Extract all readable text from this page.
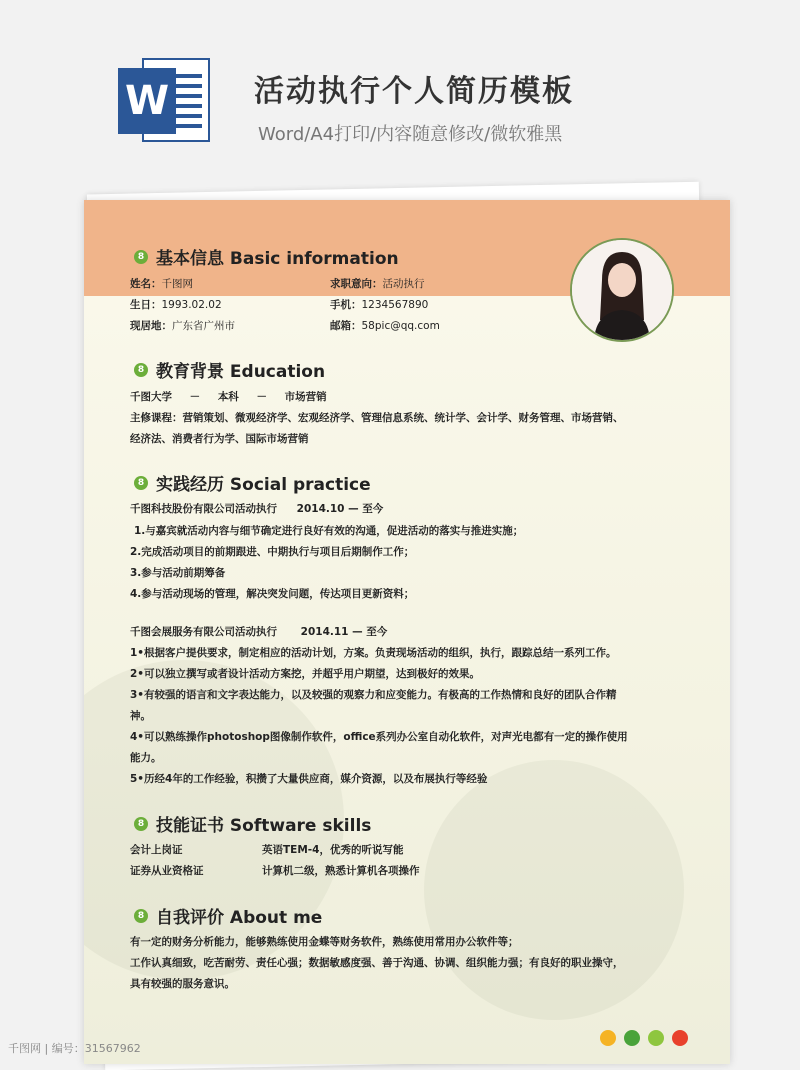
W	活动执行个人简历模板
Word/A4打印/内容随意修改/微软雅黑
8 基本信息 Basic information
姓名：千图网	求职意向：活动执行
生日：1993.02.02	手机：1234567890
现居地：广东省广州市	邮箱：58pic@qq.com
8 教育背景 Education
千图大学 － 本科 － 市场营销
主修课程：营销策划、微观经济学、宏观经济学、管理信息系统、统计学、会计学、财务管理、市场营销、
经济法、消费者行为学、国际市场营销
8 实践经历 Social practice
千图科技股份有限公司活动执行 2014.10 — 至今
1.与嘉宾就活动内容与细节确定进行良好有效的沟通，促进活动的落实与推进实施；
2.完成活动项目的前期跟进、中期执行与项目后期制作工作；
3.参与活动前期筹备
4.参与活动现场的管理，解决突发问题，传达项目更新资料；
千图会展服务有限公司活动执行 2014.11 — 至今
1•根据客户提供要求，制定相应的活动计划，方案。负责现场活动的组织，执行，跟踪总结一系列工作。
2•可以独立撰写或者设计活动方案挖，并超乎用户期望，达到极好的效果。
3•有较强的语言和文字表达能力，以及较强的观察力和应变能力。有极高的工作热情和良好的团队合作精
神。
4•可以熟练操作photoshop图像制作软件，office系列办公室自动化软件，对声光电都有一定的操作使用
能力。
5•历经4年的工作经验，积攒了大量供应商，媒介资源，以及布展执行等经验
8 技能证书 Software skills
会计上岗证	英语TEM-4，优秀的听说写能
证券从业资格证	计算机二级，熟悉计算机各项操作
8 自我评价 About me
有一定的财务分析能力，能够熟练使用金蝶等财务软件，熟练使用常用办公软件等；
工作认真细致，吃苦耐劳、责任心强；数据敏感度强、善于沟通、协调、组织能力强；有良好的职业操守，
具有较强的服务意识。
千图网 | 编号：31567962
